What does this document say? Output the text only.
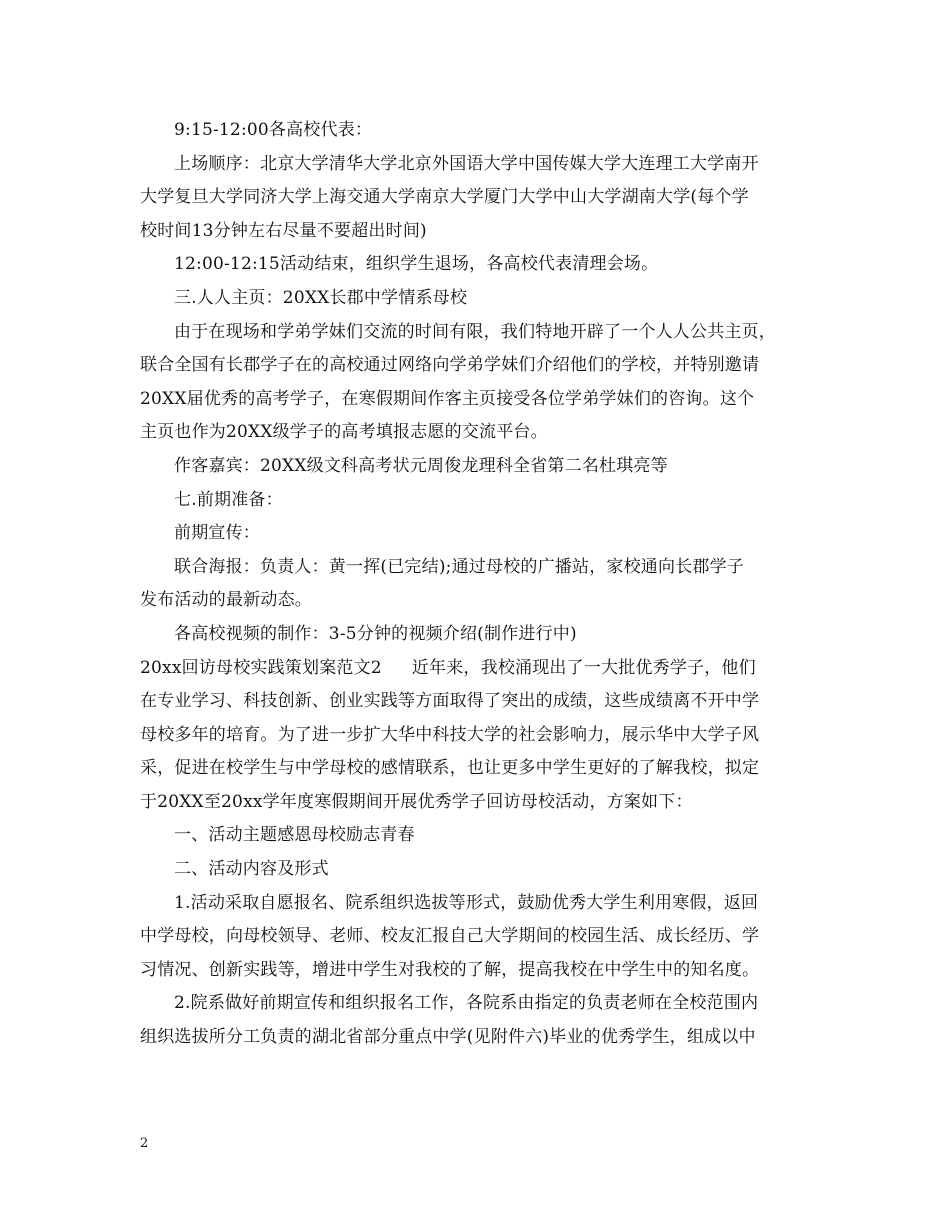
9:15-12:00各高校代表：
上场顺序：北京大学清华大学北京外国语大学中国传媒大学大连理工大学南开
大学复旦大学同济大学上海交通大学南京大学厦门大学中山大学湖南大学(每个学
校时间13分钟左右尽量不要超出时间)
12:00-12:15活动结束，组织学生退场，各高校代表清理会场。
三.人人主页：20XX长郡中学情系母校
由于在现场和学弟学妹们交流的时间有限，我们特地开辟了一个人人公共主页，
联合全国有长郡学子在的高校通过网络向学弟学妹们介绍他们的学校，并特别邀请
20XX届优秀的高考学子，在寒假期间作客主页接受各位学弟学妹们的咨询。这个
主页也作为20XX级学子的高考填报志愿的交流平台。
作客嘉宾：20XX级文科高考状元周俊龙理科全省第二名杜琪亮等
七.前期准备：
前期宣传：
联合海报：负责人：黄一挥(已完结);通过母校的广播站，家校通向长郡学子
发布活动的最新动态。
各高校视频的制作：3-5分钟的视频介绍(制作进行中)
20xx回访母校实践策划案范文2 近年来，我校涌现出了一大批优秀学子，他们
在专业学习、科技创新、创业实践等方面取得了突出的成绩，这些成绩离不开中学
母校多年的培育。为了进一步扩大华中科技大学的社会影响力，展示华中大学子风
采，促进在校学生与中学母校的感情联系，也让更多中学生更好的了解我校，拟定
于20XX至20xx学年度寒假期间开展优秀学子回访母校活动，方案如下：
一、活动主题感恩母校励志青春
二、活动内容及形式
1.活动采取自愿报名、院系组织选拔等形式，鼓励优秀大学生利用寒假，返回
中学母校，向母校领导、老师、校友汇报自己大学期间的校园生活、成长经历、学
习情况、创新实践等，增进中学生对我校的了解，提高我校在中学生中的知名度。
2.院系做好前期宣传和组织报名工作，各院系由指定的负责老师在全校范围内
组织选拔所分工负责的湖北省部分重点中学(见附件六)毕业的优秀学生，组成以中
2
